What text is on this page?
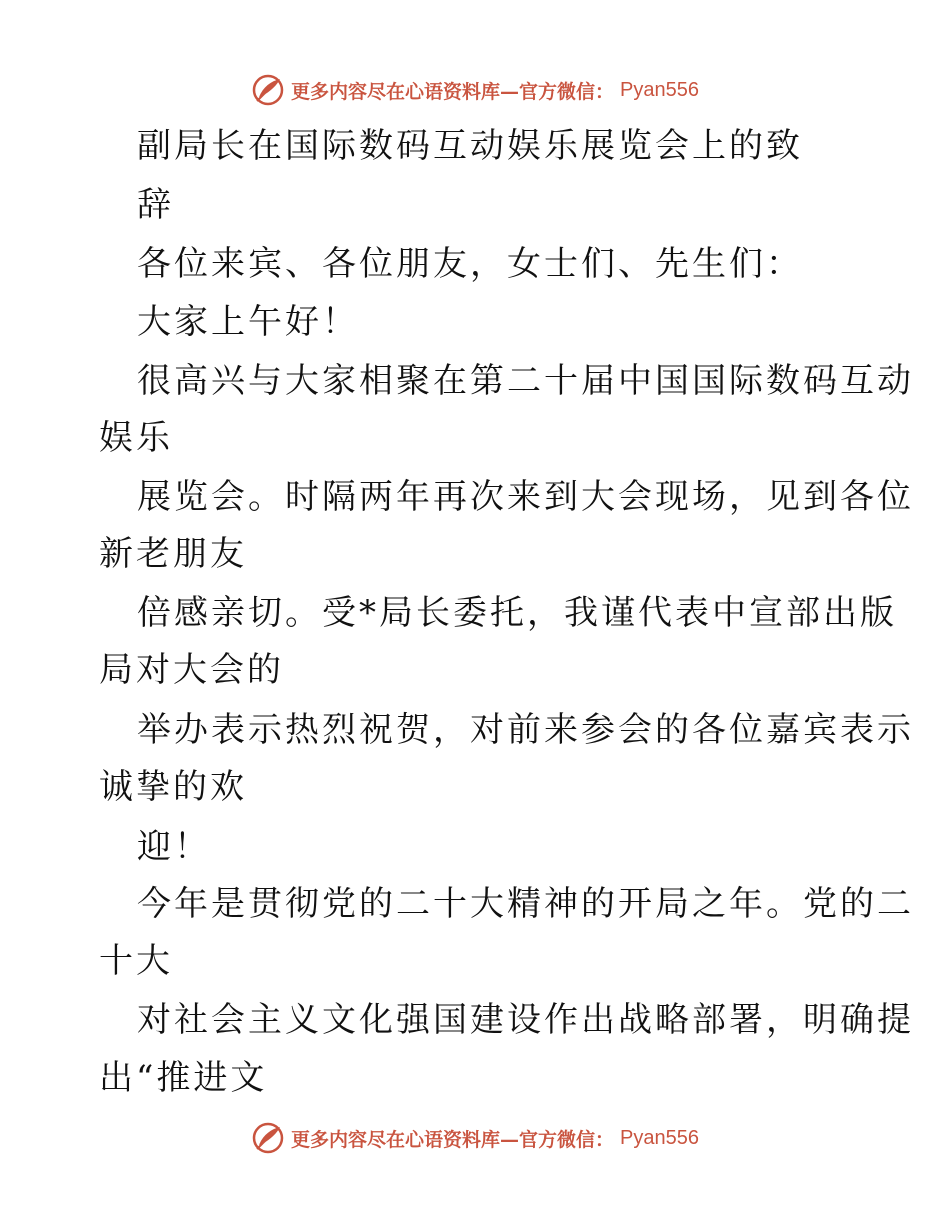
更多内容尽在心语资料库—官方微信： Pyan556
副局长在国际数码互动娱乐展览会上的致
辞
各位来宾、各位朋友，女士们、先生们：
大家上午好！
很高兴与大家相聚在第二十届中国国际数码互动
娱乐
展览会。时隔两年再次来到大会现场，见到各位
新老朋友
倍感亲切。受*局长委托，我谨代表中宣部出版
局对大会的
举办表示热烈祝贺，对前来参会的各位嘉宾表示
诚挚的欢
迎！
今年是贯彻党的二十大精神的开局之年。党的二
十大
对社会主义文化强国建设作出战略部署，明确提
出“推进文
更多内容尽在心语资料库—官方微信： Pyan556
